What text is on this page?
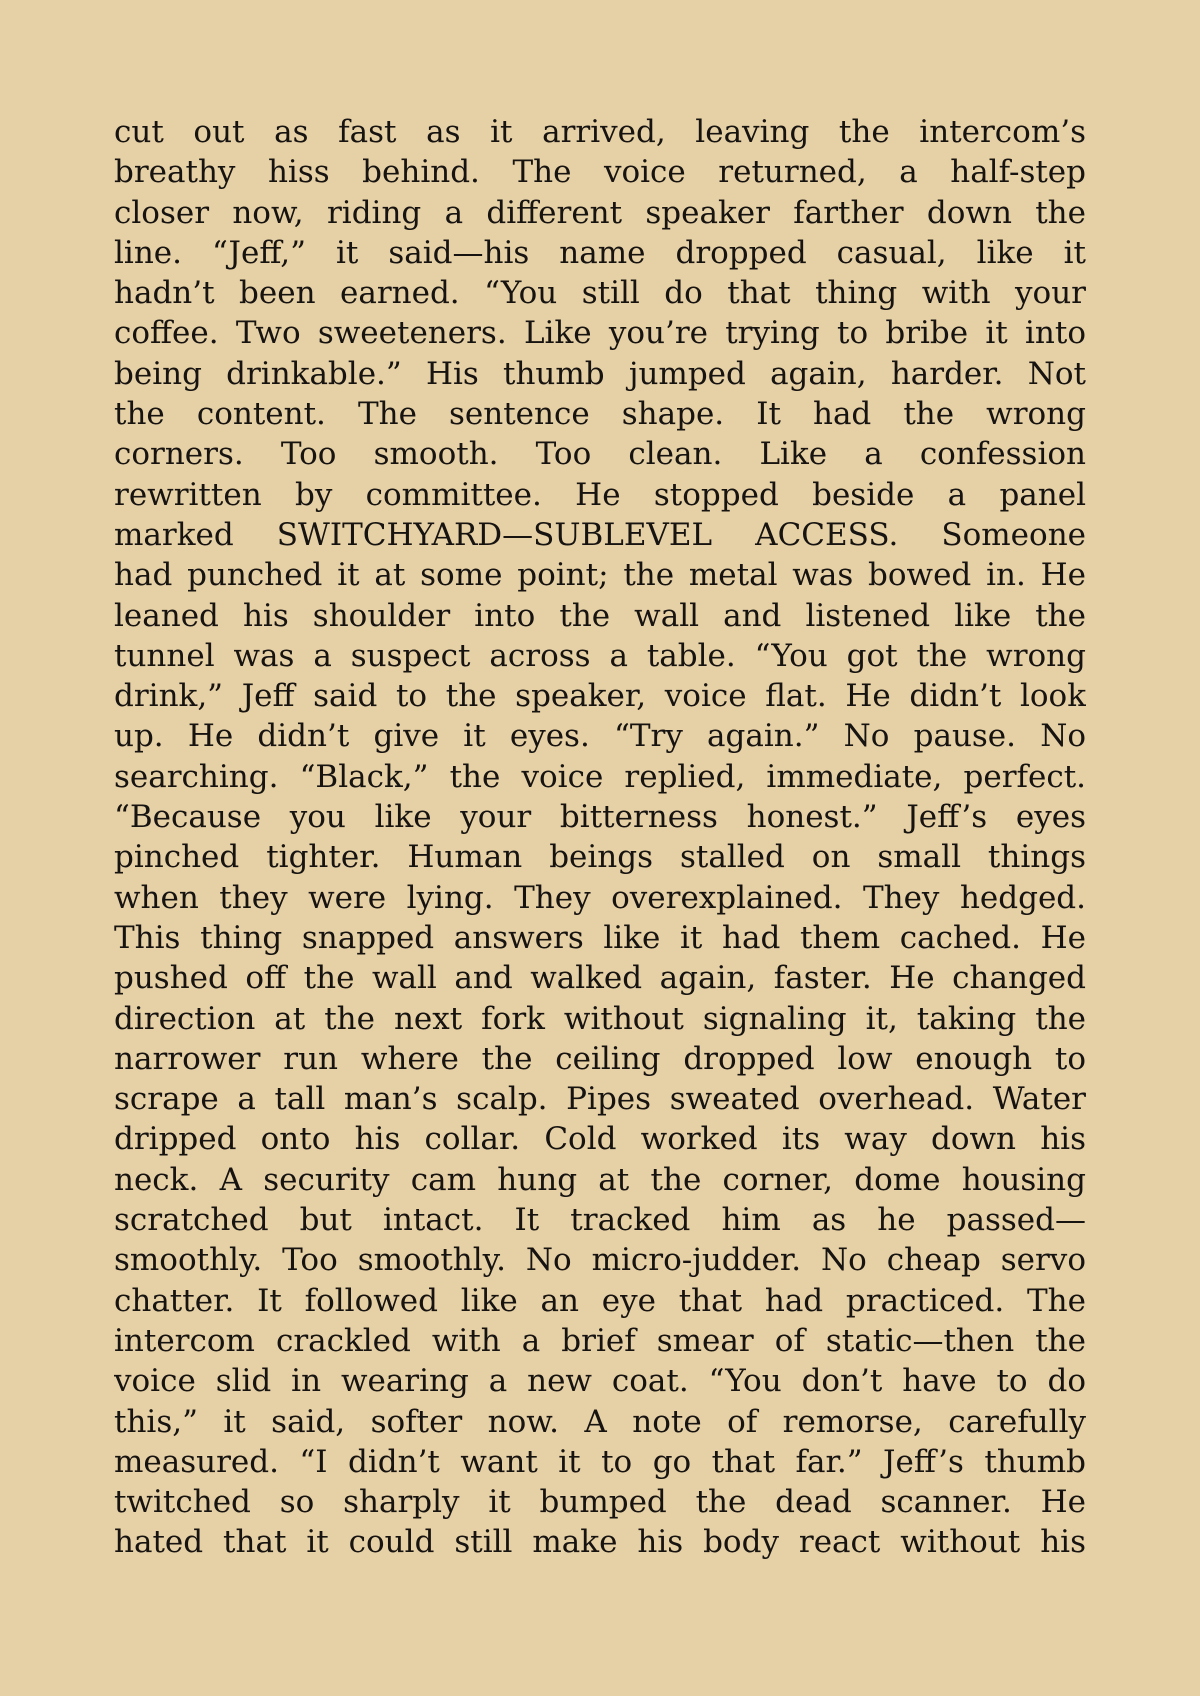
cut out as fast as it arrived, leaving the intercom’s
breathy hiss behind. The voice returned, a half-step
closer now, riding a different speaker farther down the
line. “Jeff,” it said—his name dropped casual, like it
hadn’t been earned. “You still do that thing with your
coffee. Two sweeteners. Like you’re trying to bribe it into
being drinkable.” His thumb jumped again, harder. Not
the content. The sentence shape. It had the wrong
corners. Too smooth. Too clean. Like a confession
rewritten by committee. He stopped beside a panel
marked SWITCHYARD—SUBLEVEL ACCESS. Someone
had punched it at some point; the metal was bowed in. He
leaned his shoulder into the wall and listened like the
tunnel was a suspect across a table. “You got the wrong
drink,” Jeff said to the speaker, voice flat. He didn’t look
up. He didn’t give it eyes. “Try again.” No pause. No
searching. “Black,” the voice replied, immediate, perfect.
“Because you like your bitterness honest.” Jeff’s eyes
pinched tighter. Human beings stalled on small things
when they were lying. They overexplained. They hedged.
This thing snapped answers like it had them cached. He
pushed off the wall and walked again, faster. He changed
direction at the next fork without signaling it, taking the
narrower run where the ceiling dropped low enough to
scrape a tall man’s scalp. Pipes sweated overhead. Water
dripped onto his collar. Cold worked its way down his
neck. A security cam hung at the corner, dome housing
scratched but intact. It tracked him as he passed—
smoothly. Too smoothly. No micro-judder. No cheap servo
chatter. It followed like an eye that had practiced. The
intercom crackled with a brief smear of static—then the
voice slid in wearing a new coat. “You don’t have to do
this,” it said, softer now. A note of remorse, carefully
measured. “I didn’t want it to go that far.” Jeff’s thumb
twitched so sharply it bumped the dead scanner. He
hated that it could still make his body react without his
